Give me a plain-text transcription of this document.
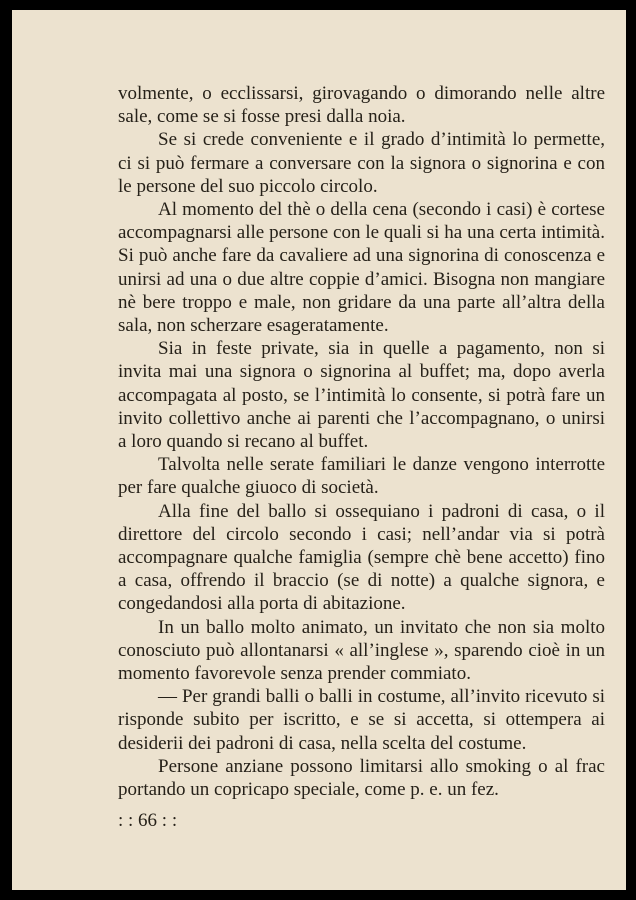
volmente, o ecclissarsi, girovagando o dimorando nelle altre sale, come se si fosse presi dalla noia.

Se si crede conveniente e il grado d’intimità lo permette, ci si può fermare a conversare con la signora o signorina e con le persone del suo piccolo circolo.

Al momento del thè o della cena (secondo i casi) è cortese accompagnarsi alle persone con le quali si ha una certa intimità. Si può anche fare da cavaliere ad una signorina di conoscenza e unirsi ad una o due altre coppie d’amici. Bisogna non mangiare nè bere troppo e male, non gridare da una parte all’altra della sala, non scherzare esageratamente.

Sia in feste private, sia in quelle a pagamento, non si invita mai una signora o signorina al buffet; ma, dopo averla accompagata al posto, se l’intimità lo consente, si potrà fare un invito collettivo anche ai parenti che l’accompagnano, o unirsi a loro quando si recano al buffet.

Talvolta nelle serate familiari le danze vengono interrotte per fare qualche giuoco di società.

Alla fine del ballo si ossequiano i padroni di casa, o il direttore del circolo secondo i casi; nell’andar via si potrà accompagnare qualche famiglia (sempre chè bene accetto) fino a casa, offrendo il braccio (se di notte) a qualche signora, e congedandosi alla porta di abitazione.

In un ballo molto animato, un invitato che non sia molto conosciuto può allontanarsi « all’inglese », sparendo cioè in un momento favorevole senza prender commiato.

— Per grandi balli o balli in costume, all’invito ricevuto si risponde subito per iscritto, e se si accetta, si ottempera ai desiderii dei padroni di casa, nella scelta del costume.

Persone anziane possono limitarsi allo smoking o al frac portando un copricapo speciale, come p. e. un fez.

: : 66 : :
